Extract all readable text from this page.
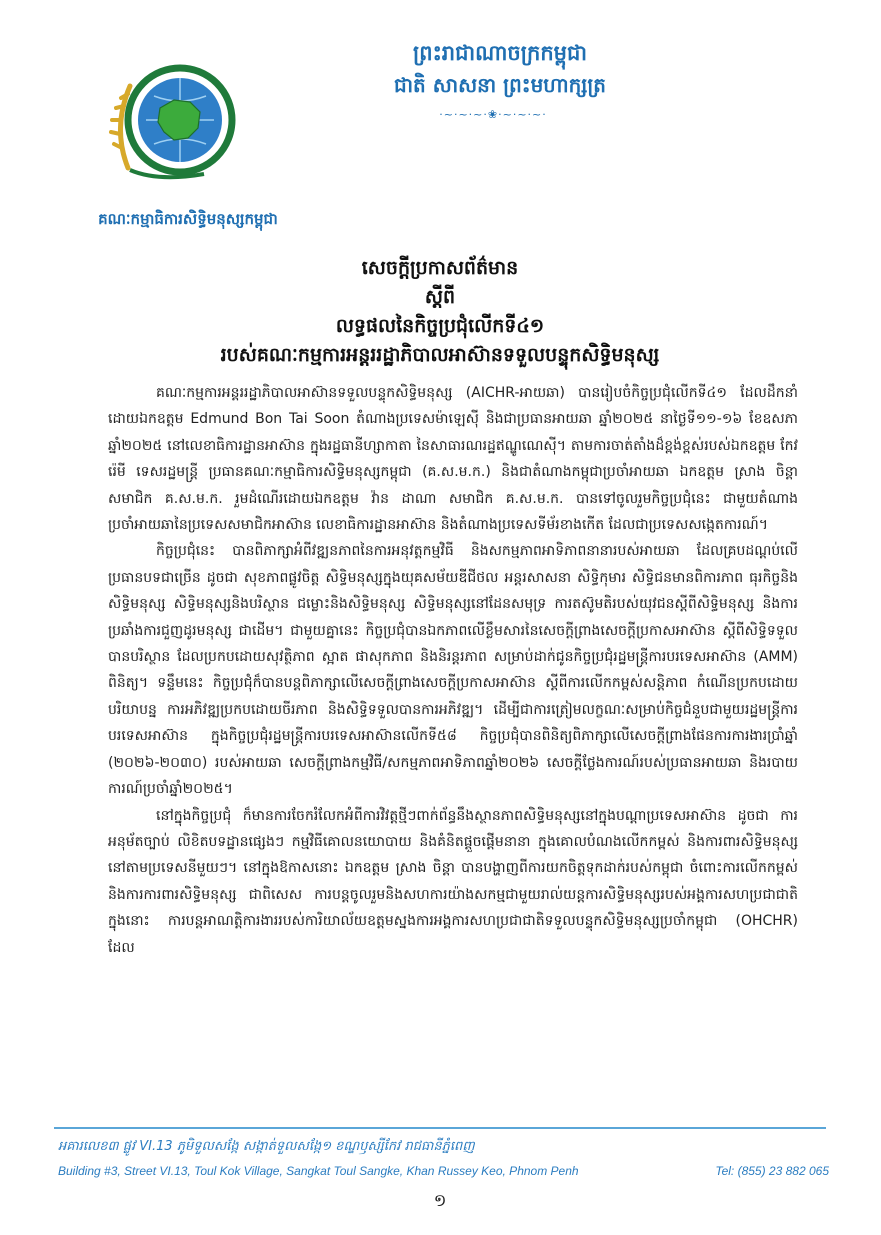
គណៈកម្មាធិការសិទ្ធិមនុស្សកម្ពុជា
ព្រះរាជាណាចក្រកម្ពុជា
ជាតិ សាសនា ព្រះមហាក្សត្រ
·~·~·~·❀·~·~·~·
សេចក្ដីប្រកាសព័ត៌មាន
ស្ដីពី
លទ្ធផលនៃកិច្ចប្រជុំលើកទី៤១
របស់គណៈកម្មការអន្តររដ្ឋាភិបាលអាស៊ានទទួលបន្ទុកសិទ្ធិមនុស្ស

គណៈកម្មការអន្តររដ្ឋាភិបាលអាស៊ានទទួលបន្ទុកសិទ្ធិមនុស្ស (AICHR-អាយឆា) បានរៀបចំកិច្ចប្រជុំលើកទី៤១ ដែលដឹកនាំដោយឯកឧត្តម Edmund Bon Tai Soon តំណាងប្រទេសម៉ាឡេស៊ី និងជាប្រធានអាយឆា ឆ្នាំ២០២៥ នាថ្ងៃទី១១-១៦ ខែឧសភា ឆ្នាំ២០២៥ នៅលេខាធិការដ្ឋានអាស៊ាន ក្នុងរដ្ឋធានីហ្សាកាតា នៃសាធារណរដ្ឋឥណ្ឌូណេស៊ី។ តាមការចាត់តាំងដ៏ខ្ពង់ខ្ពស់របស់ឯកឧត្តម កែវ រ៉េមី ទេសរដ្ឋមន្ត្រី ប្រធានគណៈកម្មាធិការសិទ្ធិមនុស្សកម្ពុជា (គ.ស.ម.ក.) និងជាតំណាងកម្ពុជាប្រចាំអាយឆា ឯកឧត្តម ស្រាង ចិន្តា សមាជិក គ.ស.ម.ក. រួមដំណើរដោយឯកឧត្តម វ៉ាន ដាណា សមាជិក គ.ស.ម.ក. បានទៅចូលរួមកិច្ចប្រជុំនេះ ជាមួយតំណាងប្រចាំអាយឆានៃប្រទេសសមាជិកអាស៊ាន លេខាធិការដ្ឋានអាស៊ាន និងតំណាងប្រទេសទីម័រខាងកើត ដែលជាប្រទេសសង្កេតការណ៍។

កិច្ចប្រជុំនេះ បានពិភាក្សាអំពីវឌ្ឍនភាពនៃការអនុវត្តកម្មវិធី និងសកម្មភាពអាទិភាពនានារបស់អាយឆា ដែលគ្របដណ្ដប់លើប្រធានបទជាច្រើន ដូចជា សុខភាពផ្លូវចិត្ត សិទ្ធិមនុស្សក្នុងយុគសម័យឌីជីថល អន្តរសាសនា សិទ្ធិកុមារ សិទ្ធិជនមានពិការភាព ធុរកិច្ចនិងសិទ្ធិមនុស្ស សិទ្ធិមនុស្សនិងបរិស្ថាន ជម្លោះនិងសិទ្ធិមនុស្ស សិទ្ធិមនុស្សនៅដែនសមុទ្រ ការតស៊ូមតិរបស់យុវជនស្ដីពីសិទ្ធិមនុស្ស និងការប្រឆាំងការជួញដូរមនុស្ស ជាដើម។ ជាមួយគ្នានេះ កិច្ចប្រជុំបានឯកភាពលើខ្លឹមសារនៃសេចក្ដីព្រាងសេចក្ដីប្រកាសអាស៊ាន ស្ដីពីសិទ្ធិទទួលបានបរិស្ថាន ដែលប្រកបដោយសុវត្ថិភាព ស្អាត ផាសុកភាព និងនិរន្តរភាព សម្រាប់ដាក់ជូនកិច្ចប្រជុំរដ្ឋមន្ត្រីការបរទេសអាស៊ាន (AMM) ពិនិត្យ។ ទន្ទឹមនេះ កិច្ចប្រជុំក៏បានបន្តពិភាក្សាលើសេចក្ដីព្រាងសេចក្ដីប្រកាសអាស៊ាន ស្ដីពីការលើកកម្ពស់សន្តិភាព កំណើនប្រកបដោយបរិយាបន្ន ការអភិវឌ្ឍប្រកបដោយចីរភាព និងសិទ្ធិទទួលបានការអភិវឌ្ឍ។ ដើម្បីជាការត្រៀមលក្ខណៈសម្រាប់កិច្ចជំនួបជាមួយរដ្ឋមន្ត្រីការបរទេសអាស៊ាន ក្នុងកិច្ចប្រជុំរដ្ឋមន្ត្រីការបរទេសអាស៊ានលើកទី៥៨ កិច្ចប្រជុំបានពិនិត្យពិភាក្សាលើសេចក្ដីព្រាងផែនការការងារប្រាំឆ្នាំ (២០២៦-២០៣០) របស់អាយឆា សេចក្ដីព្រាងកម្មវិធី/សកម្មភាពអាទិភាពឆ្នាំ២០២៦ សេចក្ដីថ្លែងការណ៍របស់ប្រធានអាយឆា និងរបាយការណ៍ប្រចាំឆ្នាំ២០២៥។

នៅក្នុងកិច្ចប្រជុំ ក៏មានការចែករំលែកអំពីការវិវត្តថ្មីៗពាក់ព័ន្ធនឹងស្ថានភាពសិទ្ធិមនុស្សនៅក្នុងបណ្ដាប្រទេសអាស៊ាន ដូចជា ការអនុម័តច្បាប់ លិខិតបទដ្ឋានផ្សេងៗ កម្មវិធីគោលនយោបាយ និងគំនិតផ្ដួចផ្ដើមនានា ក្នុងគោលបំណងលើកកម្ពស់ និងការពារសិទ្ធិមនុស្សនៅតាមប្រទេសនីមួយៗ។ នៅក្នុងឱកាសនោះ ឯកឧត្តម ស្រាង ចិន្តា បានបង្ហាញពីការយកចិត្តទុកដាក់របស់កម្ពុជា ចំពោះការលើកកម្ពស់និងការការពារសិទ្ធិមនុស្ស ជាពិសេស ការបន្តចូលរួមនិងសហការយ៉ាងសកម្មជាមួយរាល់យន្តការសិទ្ធិមនុស្សរបស់អង្គការសហប្រជាជាតិ ក្នុងនោះ ការបន្តអាណត្តិការងាររបស់ការិយាល័យឧត្តមស្នងការអង្គការសហប្រជាជាតិទទួលបន្ទុកសិទ្ធិមនុស្សប្រចាំកម្ពុជា (OHCHR) ដែល

អគារលេខ៣ ផ្លូវ VI.13 ភូមិទួលសង្កែ សង្កាត់ទួលសង្កែ១ ខណ្ឌឫស្សីកែវ រាជធានីភ្នំពេញ
Building #3, Street VI.13, Toul Kok Village, Sangkat Toul Sangke, Khan Russey Keo, Phnom Penh	Tel: (855) 23 882 065
១
